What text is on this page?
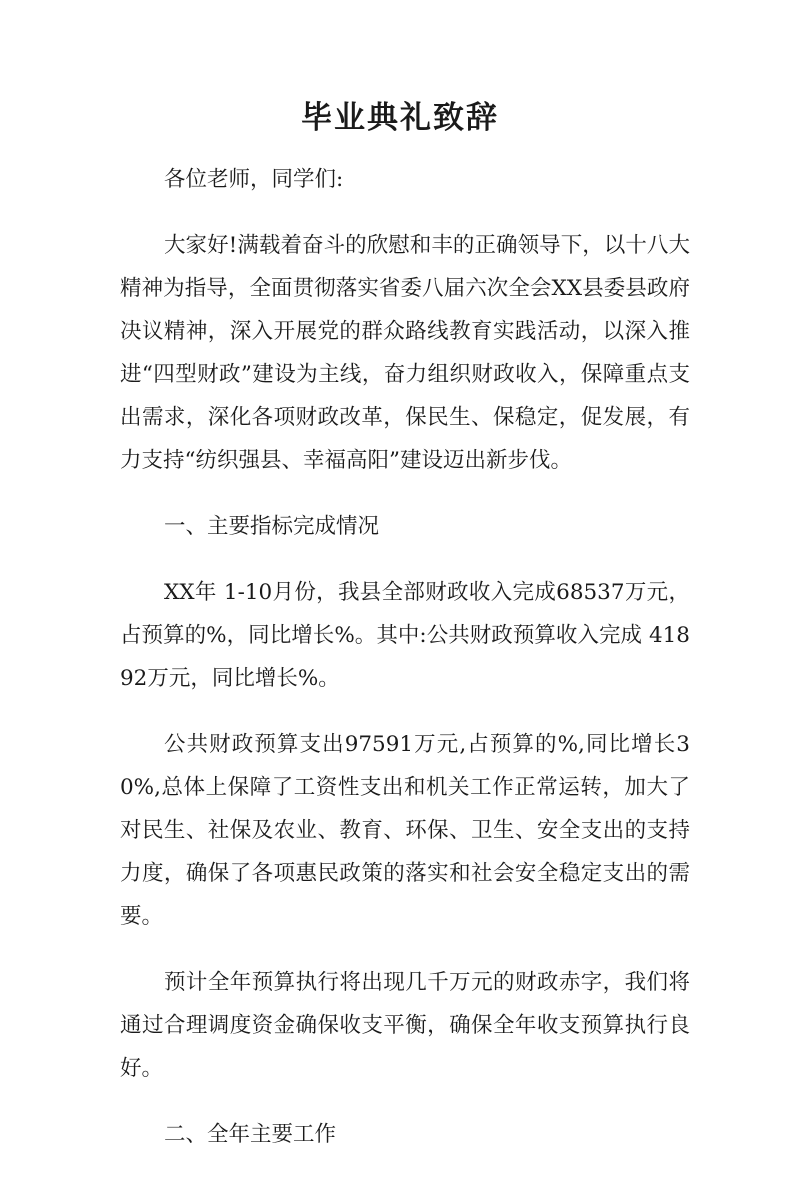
毕业典礼致辞

各位老师，同学们:

大家好!满载着奋斗的欣慰和丰的正确领导下，以十八大精神为指导，全面贯彻落实省委八届六次全会XX县委县政府决议精神，深入开展党的群众路线教育实践活动，以深入推进“四型财政”建设为主线，奋力组织财政收入，保障重点支出需求，深化各项财政改革，保民生、保稳定，促发展，有力支持“纺织强县、幸福高阳”建设迈出新步伐。

一、主要指标完成情况

XX年 1-10月份，我县全部财政收入完成68537万元，占预算的%，同比增长%。其中:公共财政预算收入完成 41892万元，同比增长%。

公共财政预算支出97591万元,占预算的%,同比增长30%,总体上保障了工资性支出和机关工作正常运转，加大了对民生、社保及农业、教育、环保、卫生、安全支出的支持力度，确保了各项惠民政策的落实和社会安全稳定支出的需要。

预计全年预算执行将出现几千万元的财政赤字，我们将通过合理调度资金确保收支平衡，确保全年收支预算执行良好。

二、全年主要工作
